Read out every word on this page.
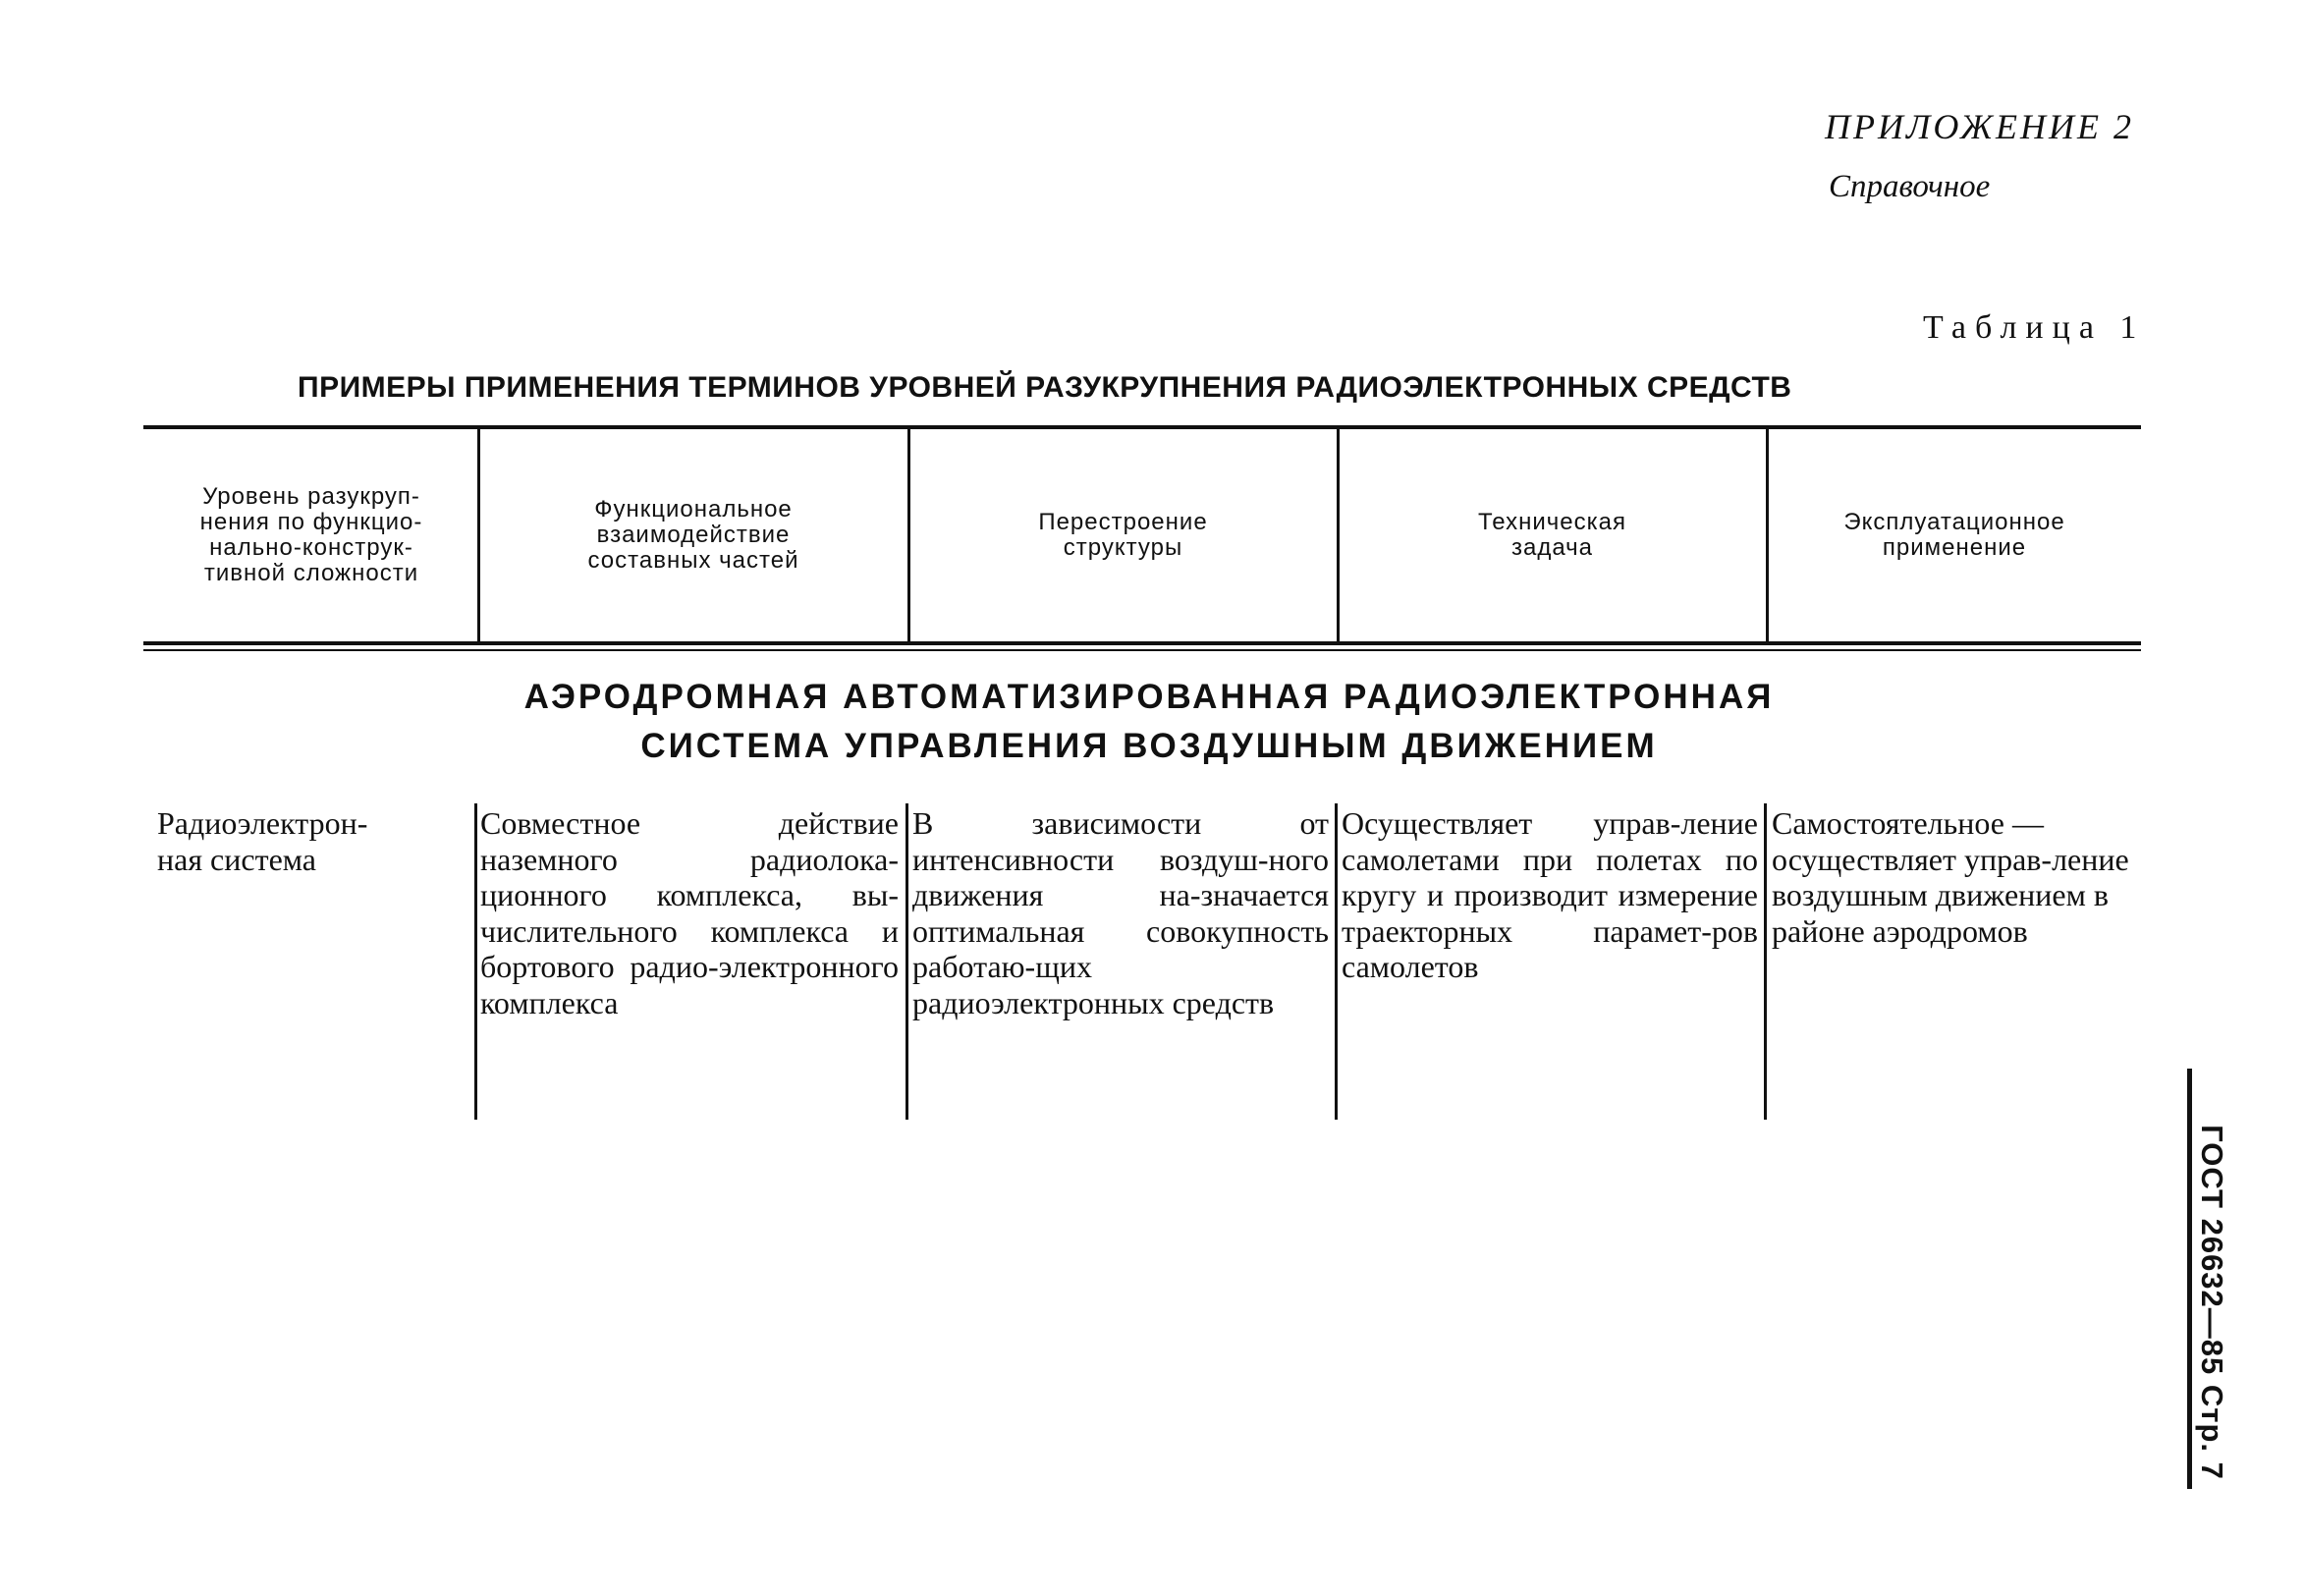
ПРИЛОЖЕНИЕ 2
Справочное
Таблица 1
ПРИМЕРЫ ПРИМЕНЕНИЯ ТЕРМИНОВ УРОВНЕЙ РАЗУКРУПНЕНИЯ РАДИОЭЛЕКТРОННЫХ СРЕДСТВ
Уровень разукруп-
нения по функцио-
нально-конструк-
тивной сложности
Функциональное
взаимодействие
составных частей
Перестроение
структуры
Техническая
задача
Эксплуатационное
применение
АЭРОДРОМНАЯ АВТОМАТИЗИРОВАННАЯ РАДИОЭЛЕКТРОННАЯ
СИСТЕМА УПРАВЛЕНИЯ ВОЗДУШНЫМ ДВИЖЕНИЕМ
Радиоэлектрон-
ная система
Совместное действие наземного радиолока-ционного комплекса, вы-числительного комплекса и бортового радио-электронного комплекса
В зависимости от интенсивности воздуш-ного движения на-значается оптимальная совокупность работаю-щих радиоэлектронных средств
Осуществляет управ-ление самолетами при полетах по кругу и производит измерение траекторных парамет-ров самолетов
Самостоятельное — осуществляет управ-ление воздушным движением в районе аэродромов
ГОСТ 26632—85 Стр. 7
